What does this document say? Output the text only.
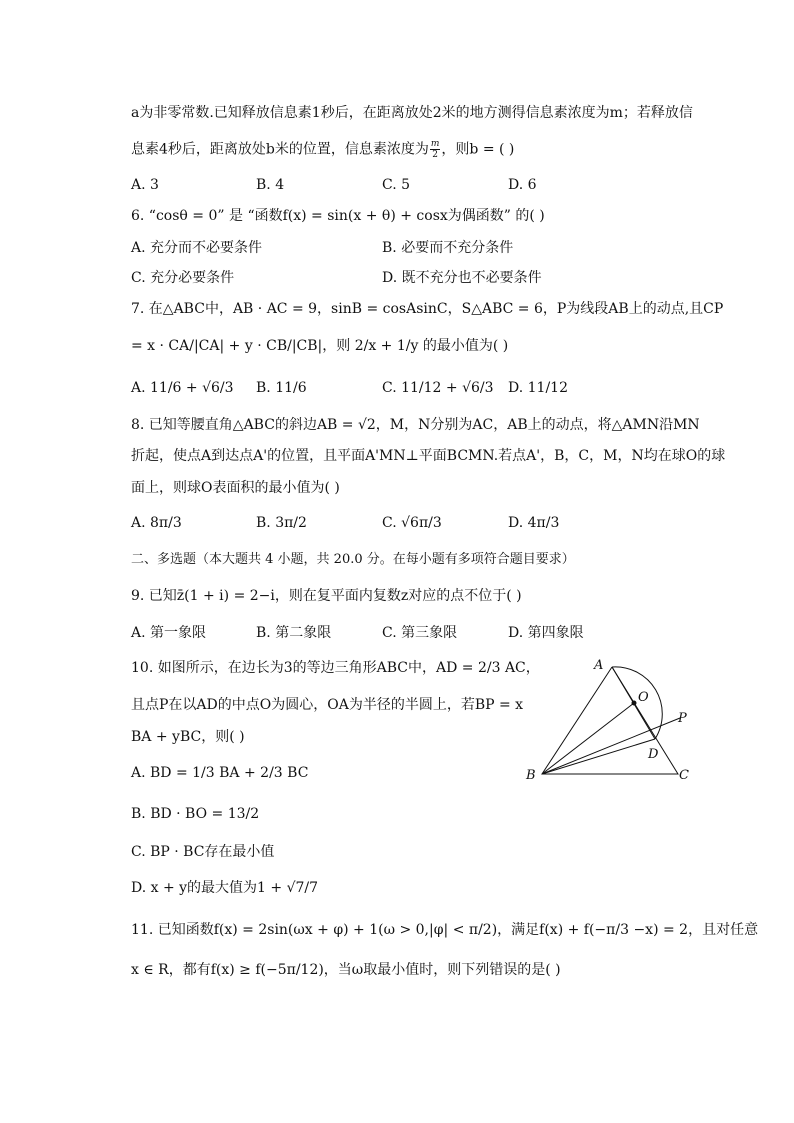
a为非零常数.已知释放信息素1秒后，在距离放处2米的地方测得信息素浓度为m；若释放信
息素4秒后，距离放处b米的位置，信息素浓度为 $\frac{m}{2}$ ，则b = ( )
A. 3	B. 4	C. 5	D. 6
6. “cosθ = 0” 是 “函数f(x) = sin(x + θ) + cosx为偶函数” 的( )
A. 充分而不必要条件	B. 必要而不充分条件
C. 充分必要条件	D. 既不充分也不必要条件
7. 在△ABC中，AB · AC = 9，sinB = cosAsinC，S△ABC = 6，P为线段AB上的动点,且CP
= x · CA/|CA| + y · CB/|CB|，则 2/x + 1/y 的最小值为( )
A. 11/6 + √6/3 B. 11/6	C. 11/12 + √6/3 D. 11/12
8. 已知等腰直角△ABC的斜边AB = √2，M，N分别为AC，AB上的动点，将△AMN沿MN
折起，使点A到达点A'的位置，且平面A'MN⊥平面BCMN.若点A'，B，C，M，N均在球O的球
面上，则球O表面积的最小值为( )
A. 8π/3	B. 3π/2	C. √6π/3	D. 4π/3
二、多选题（本大题共 4 小题，共 20.0 分。在每小题有多项符合题目要求）
9. 已知z̄(1 + i) = 2−i，则在复平面内复数z对应的点不位于( )
A. 第一象限	B. 第二象限	C. 第三象限	D. 第四象限
10. 如图所示，在边长为3的等边三角形ABC中，AD = 2/3 AC，
且点P在以AD的中点O为圆心，OA为半径的半圆上，若BP = x
BA + yBC，则( )
A. BD = 1/3 BA + 2/3 BC
B. BD · BO = 13/2
C. BP · BC存在最小值
D. x + y的最大值为1 + √7/7
A
O
P
D
B	C
11. 已知函数f(x) = 2sin(ωx + φ) + 1(ω > 0,|φ| < π/2)，满足f(x) + f(−π/3 −x) = 2，且对任意
x ∈ R，都有f(x) ≥ f(−5π/12)，当ω取最小值时，则下列错误的是( )
